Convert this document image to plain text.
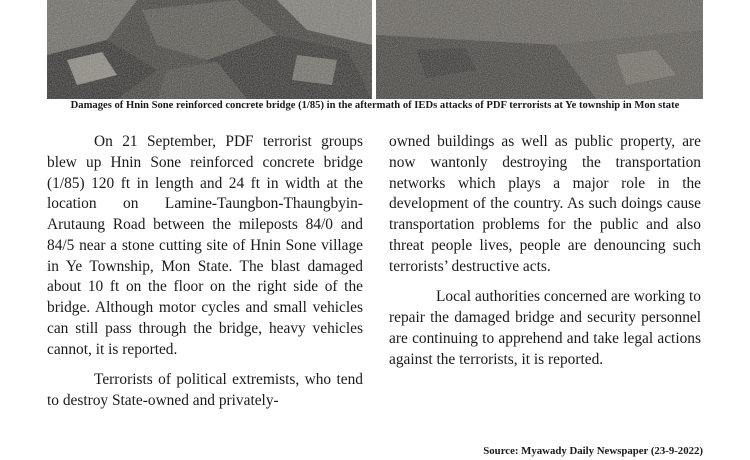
Damages of Hnin Sone reinforced concrete bridge (1/85) in the aftermath of IEDs attacks of PDF terrorists at Ye township in Mon state

On 21 September, PDF terrorist groups blew up Hnin Sone reinforced concrete bridge (1/85) 120 ft in length and 24 ft in width at the location on Lamine-Taungbon-Thaungbyin-Arutaung Road between the mileposts 84/0 and 84/5 near a stone cutting site of Hnin Sone village in Ye Township, Mon State. The blast damaged about 10 ft on the floor on the right side of the bridge. Although motor cycles and small vehicles can still pass through the bridge, heavy vehicles cannot, it is reported.

Terrorists of political extremists, who tend to destroy State-owned and privately-

owned buildings as well as public property, are now wantonly destroying the transportation networks which plays a major role in the development of the country. As such doings cause transportation problems for the public and also threat people lives, people are denouncing such terrorists’ destructive acts.

Local authorities concerned are working to repair the damaged bridge and security personnel are continuing to apprehend and take legal actions against the terrorists, it is reported.

Source: Myawady Daily Newspaper (23-9-2022)
